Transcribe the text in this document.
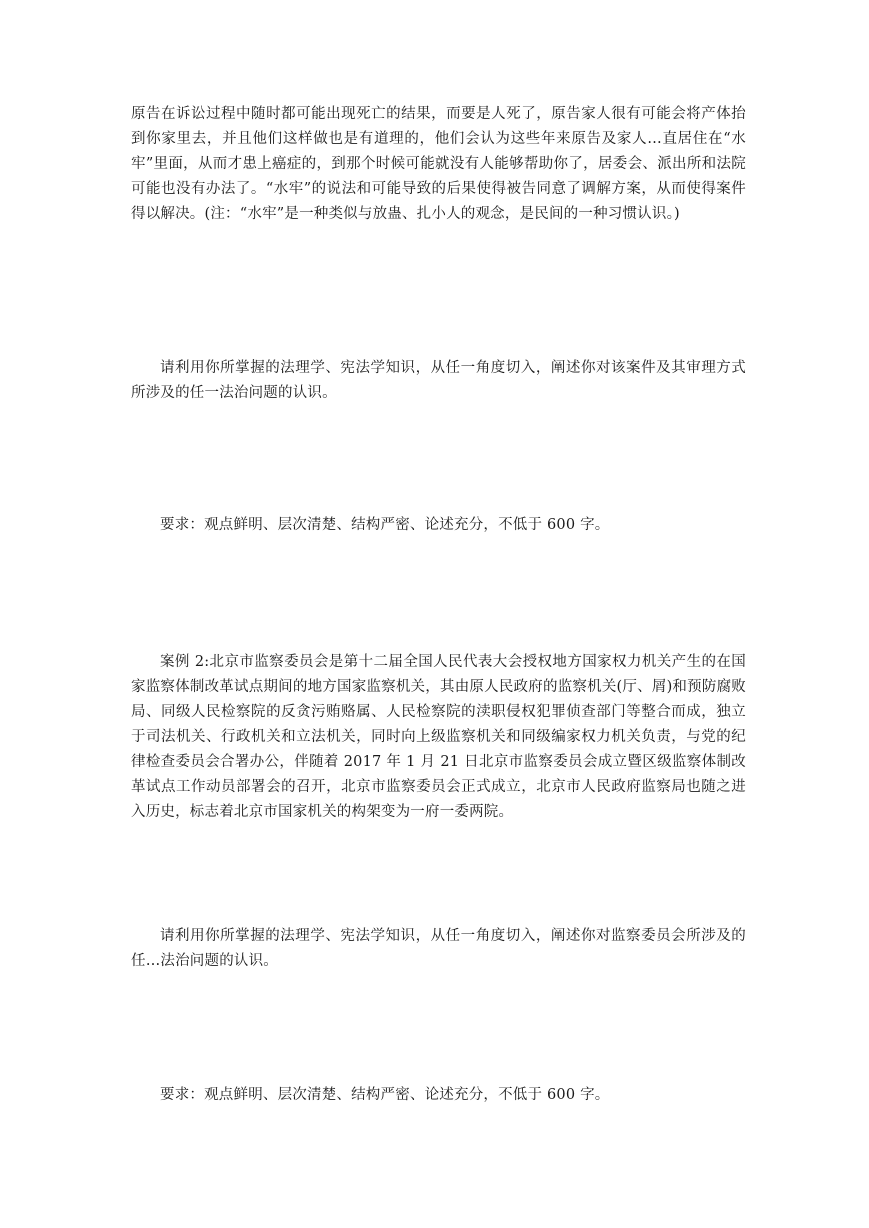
原告在诉讼过程中随时都可能出现死亡的结果，而要是人死了，原告家人很有可能会将产体抬到你家里去，并且他们这样做也是有道理的，他们会认为这些年来原告及家人…直居住在“水牢”里面，从而才患上癌症的，到那个时候可能就没有人能够帮助你了，居委会、派出所和法院可能也没有办法了。“水牢”的说法和可能导致的后果使得被告同意了调解方案，从而使得案件得以解决。(注：“水牢”是一种类似与放蛊、扎小人的观念，是民间的一种习惯认识。)

请利用你所掌握的法理学、宪法学知识，从任一角度切入，阐述你对该案件及其审理方式所涉及的任一法治问题的认识。

要求：观点鲜明、层次清楚、结构严密、论述充分，不低于 600 字。

案例 2:北京市监察委员会是第十二届全国人民代表大会授权地方国家权力机关产生的在国家监察体制改革试点期间的地方国家监察机关，其由原人民政府的监察机关(厅、屑)和预防腐败局、同级人民检察院的反贪污贿赂属、人民检察院的渎职侵权犯罪侦查部门等整合而成，独立于司法机关、行政机关和立法机关，同时向上级监察机关和同级编家权力机关负责，与党的纪律检查委员会合署办公，伴随着 2017 年 1 月 21 日北京市监察委员会成立暨区级监察体制改革试点工作动员部署会的召开，北京市监察委员会正式成立，北京市人民政府监察局也随之进入历史，标志着北京市国家机关的构架变为一府一委两院。

请利用你所掌握的法理学、宪法学知识，从任一角度切入，阐述你对监察委员会所涉及的任…法治问题的认识。

要求：观点鲜明、层次清楚、结构严密、论述充分，不低于 600 字。
